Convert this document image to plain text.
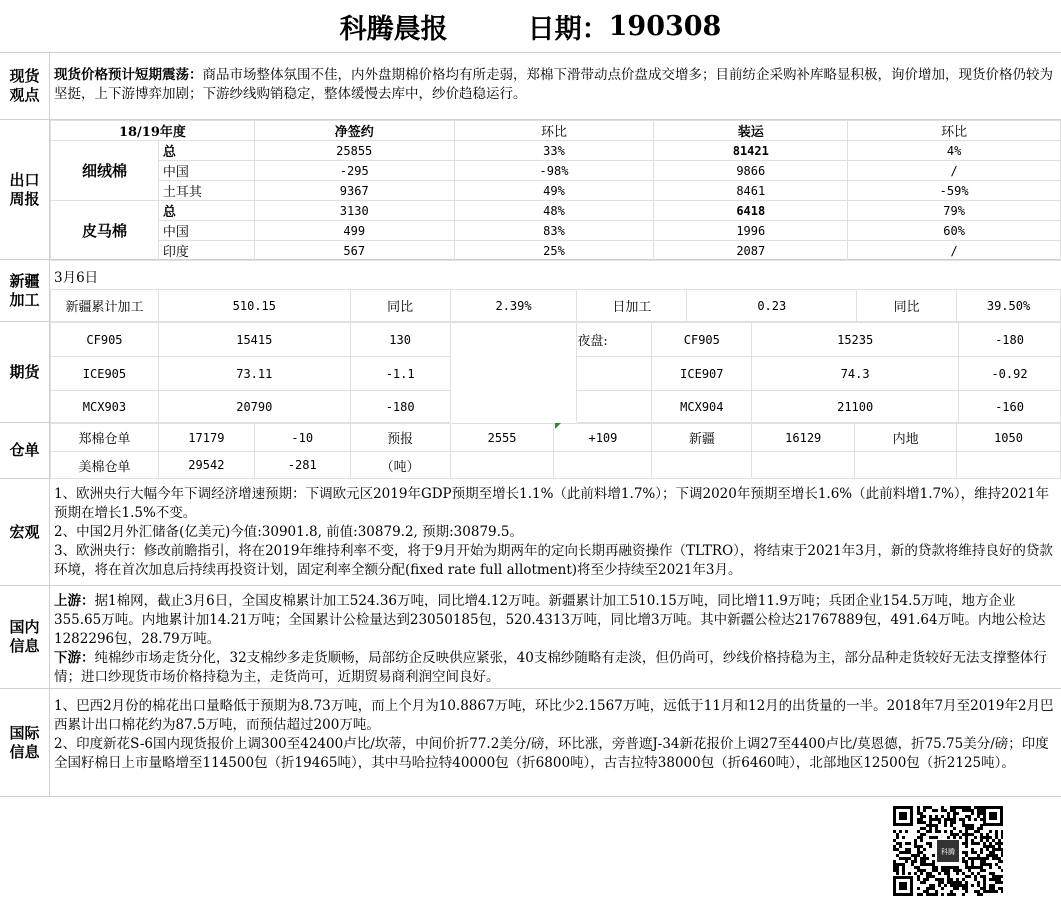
科腾晨报	日期： 190308
现货
观点
现货价格预计短期震荡：商品市场整体氛围不佳，内外盘期棉价格均有所走弱，郑棉下滑带动点价盘成交增多；目前纺企采购补库略显积极，询价增加，现货价格仍较为坚挺，上下游博弈加剧；下游纱线购销稳定，整体缓慢去库中，纱价趋稳运行。
出口
周报
18/19年度		净签约	环比	装运	环比
细绒棉	总	25855	33%	81421	4%
	中国	-295	-98%	9866	/
	土耳其	9367	49%	8461	-59%
皮马棉	总	3130	48%	6418	79%
	中国	499	83%	1996	60%
	印度	567	25%	2087	/
新疆
加工
3月6日
新疆累计加工	510.15	同比	2.39%	日加工	0.23	同比	39.50%
期货
CF905	15415	130		夜盘:	CF905	15235	-180
ICE905	73.11	-1.1			ICE907	74.3	-0.92
MCX903	20790	-180			MCX904	21100	-160
仓单
郑棉仓单	17179	-10	预报	2555	+109	新疆	16129	内地	1050
美棉仓单	29542	-281	（吨）						
宏观
1、欧洲央行大幅今年下调经济增速预期：下调欧元区2019年GDP预期至增长1.1%（此前料增1.7%）；下调2020年预期至增长1.6%（此前料增1.7%），维持2021年预期在增长1.5%不变。
2、中国2月外汇储备(亿美元)今值:30901.8, 前值:30879.2, 预期:30879.5。
3、欧洲央行：修改前瞻指引，将在2019年维持利率不变，将于9月开始为期两年的定向长期再融资操作（TLTRO），将结束于2021年3月，新的贷款将维持良好的贷款环境，将在首次加息后持续再投资计划，固定利率全额分配(fixed rate full allotment)将至少持续至2021年3月。
国内
信息
上游：据1棉网，截止3月6日，全国皮棉累计加工524.36万吨，同比增4.12万吨。新疆累计加工510.15万吨，同比增11.9万吨；兵团企业154.5万吨，地方企业355.65万吨。内地累计加14.21万吨；全国累计公检量达到23050185包，520.4313万吨，同比增3万吨。其中新疆公检达21767889包，491.64万吨。内地公检达1282296包，28.79万吨。
下游：纯棉纱市场走货分化，32支棉纱多走货顺畅，局部纺企反映供应紧张，40支棉纱随略有走淡，但仍尚可，纱线价格持稳为主，部分品种走货较好无法支撑整体行情；进口纱现货市场价格持稳为主，走货尚可，近期贸易商利润空间良好。
国际
信息
1、巴西2月份的棉花出口量略低于预期为8.73万吨，而上个月为10.8867万吨，环比少2.1567万吨，远低于11月和12月的出货量的一半。2018年7月至2019年2月巴西累计出口棉花约为87.5万吨，而预估超过200万吨。
2、印度新花S-6国内现货报价上调300至42400卢比/坎蒂，中间价折77.2美分/磅，环比涨，旁普遮J-34新花报价上调27至4400卢比/莫恩德，折75.75美分/磅；印度全国籽棉日上市量略增至114500包（折19465吨），其中马哈拉特40000包（折6800吨），古吉拉特38000包（折6460吨），北部地区12500包（折2125吨）。
科腾
